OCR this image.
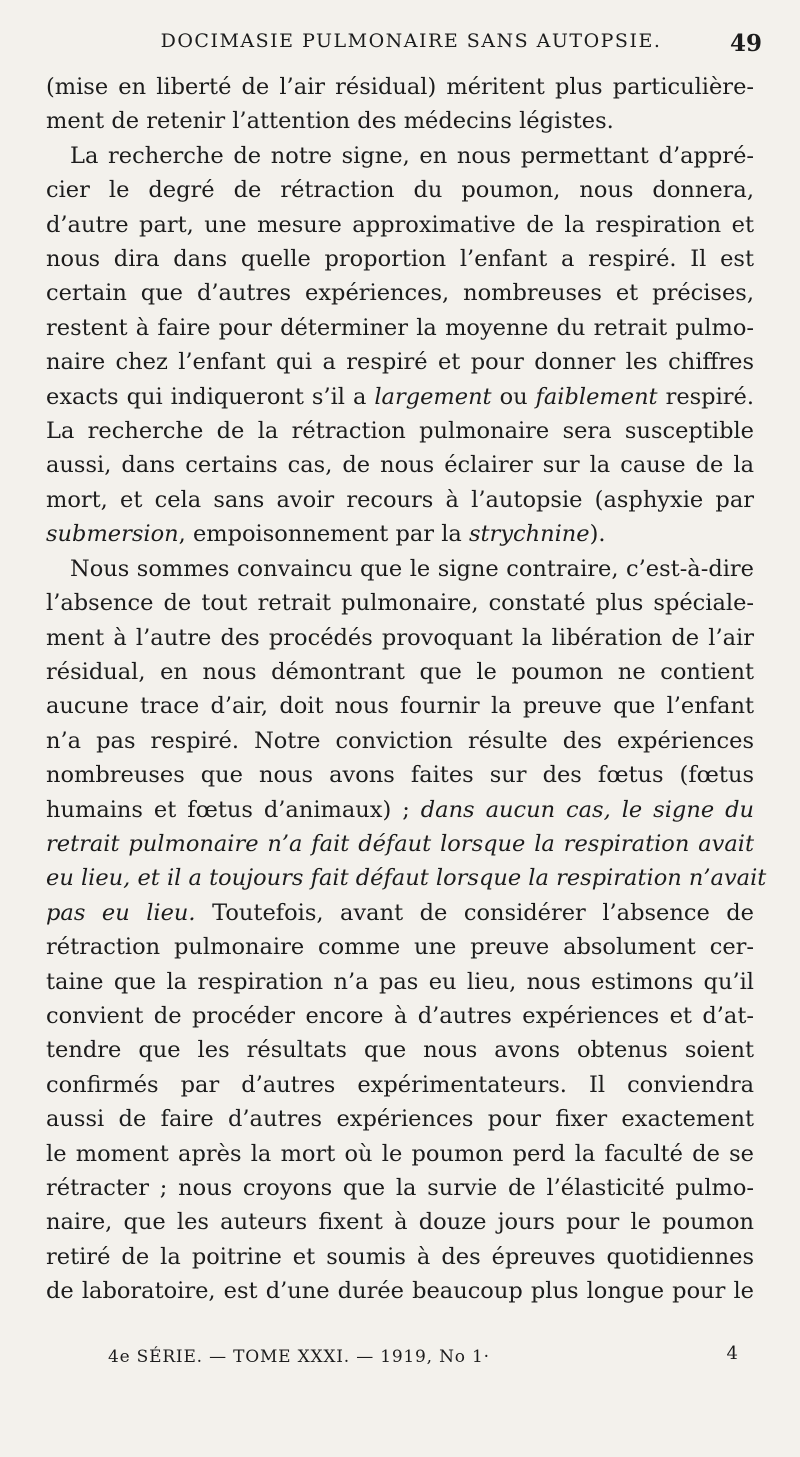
DOCIMASIE PULMONAIRE SANS AUTOPSIE.	49
(mise en liberté de l’air résidual) méritent plus particulière-
ment de retenir l’attention des médecins légistes.
La recherche de notre signe, en nous permettant d’appré-
cier le degré de rétraction du poumon, nous donnera,
d’autre part, une mesure approximative de la respiration et
nous dira dans quelle proportion l’enfant a respiré. Il est
certain que d’autres expériences, nombreuses et précises,
restent à faire pour déterminer la moyenne du retrait pulmo-
naire chez l’enfant qui a respiré et pour donner les chiffres
exacts qui indiqueront s’il a largement ou faiblement respiré.
La recherche de la rétraction pulmonaire sera susceptible
aussi, dans certains cas, de nous éclairer sur la cause de la
mort, et cela sans avoir recours à l’autopsie (asphyxie par
submersion, empoisonnement par la strychnine).
Nous sommes convaincu que le signe contraire, c’est-à-dire
l’absence de tout retrait pulmonaire, constaté plus spéciale-
ment à l’autre des procédés provoquant la libération de l’air
résidual, en nous démontrant que le poumon ne contient
aucune trace d’air, doit nous fournir la preuve que l’enfant
n’a pas respiré. Notre conviction résulte des expériences
nombreuses que nous avons faites sur des fœtus (fœtus
humains et fœtus d’animaux) ; dans aucun cas, le signe du
retrait pulmonaire n’a fait défaut lorsque la respiration avait
eu lieu, et il a toujours fait défaut lorsque la respiration n’avait
pas eu lieu. Toutefois, avant de considérer l’absence de
rétraction pulmonaire comme une preuve absolument cer-
taine que la respiration n’a pas eu lieu, nous estimons qu’il
convient de procéder encore à d’autres expériences et d’at-
tendre que les résultats que nous avons obtenus soient
confirmés par d’autres expérimentateurs. Il conviendra
aussi de faire d’autres expériences pour fixer exactement
le moment après la mort où le poumon perd la faculté de se
rétracter ; nous croyons que la survie de l’élasticité pulmo-
naire, que les auteurs fixent à douze jours pour le poumon
retiré de la poitrine et soumis à des épreuves quotidiennes
de laboratoire, est d’une durée beaucoup plus longue pour le
4e SÉRIE. — TOME XXXI. — 1919, No 1·	4
